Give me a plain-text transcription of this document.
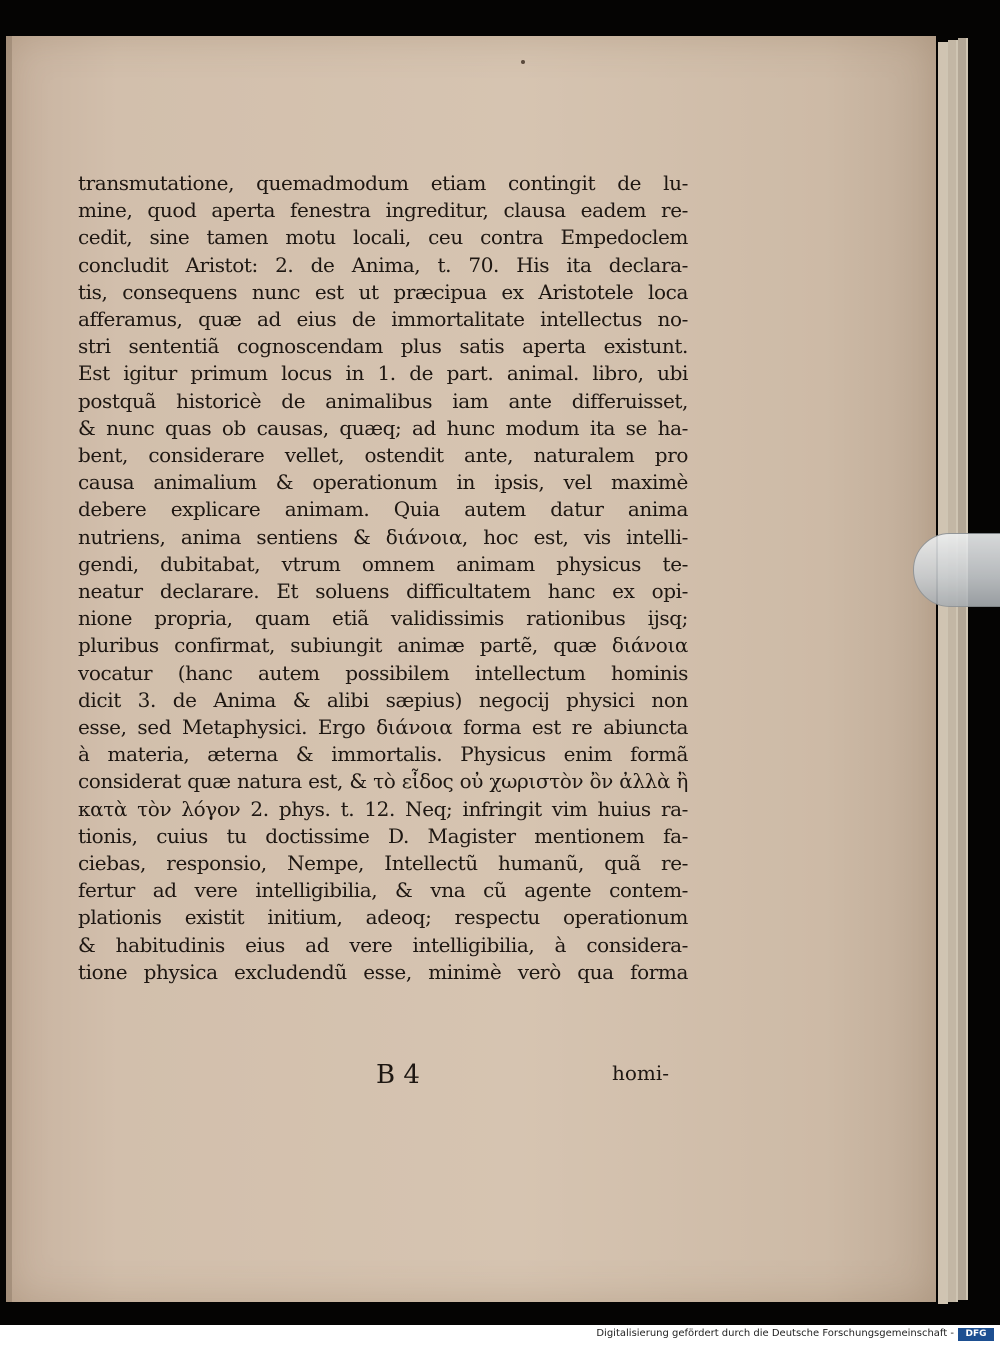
transmutatione, quemadmodum etiam contingit de lu-
mine, quod aperta fenestra ingreditur, clausa eadem re-
cedit, sine tamen motu locali, ceu contra Empedoclem
concludit Aristot: 2. de Anima, t. 70. His ita declara-
tis, consequens nunc est ut præcipua ex Aristotele loca
afferamus, quæ ad eius de immortalitate intellectus no-
stri sententiã cognoscendam plus satis aperta existunt.
Est igitur primum locus in 1. de part. animal. libro, ubi
postquã historicè de animalibus iam ante differuisset,
& nunc quas ob causas, quæq; ad hunc modum ita se ha-
bent, considerare vellet, ostendit ante, naturalem pro
causa animalium & operationum in ipsis, vel maximè
debere explicare animam. Quia autem datur anima
nutriens, anima sentiens & διάνοια, hoc est, vis intelli-
gendi, dubitabat, vtrum omnem animam physicus te-
neatur declarare. Et soluens difficultatem hanc ex opi-
nione propria, quam etiã validissimis rationibus ijsq;
pluribus confirmat, subiungit animæ partẽ, quæ διάνοια
vocatur (hanc autem possibilem intellectum hominis
dicit 3. de Anima & alibi sæpius) negocij physici non
esse, sed Metaphysici. Ergo διάνοια forma est re abiuncta
à materia, æterna & immortalis. Physicus enim formã
considerat quæ natura est, & τὸ εἶδος οὐ χωριστὸν ὂν ἀλλὰ ἢ
κατὰ τὸν λόγον 2. phys. t. 12. Neq; infringit vim huius ra-
tionis, cuius tu doctissime D. Magister mentionem fa-
ciebas, responsio, Nempe, Intellectũ humanũ, quã re-
fertur ad vere intelligibilia, & vna cũ agente contem-
plationis existit initium, adeoq; respectu operationum
& habitudinis eius ad vere intelligibilia, à considera-
tione physica excludendũ esse, minimè verò qua forma
B 4	homi-
Digitalisierung gefördert durch die Deutsche Forschungsgemeinschaft -	DFG
